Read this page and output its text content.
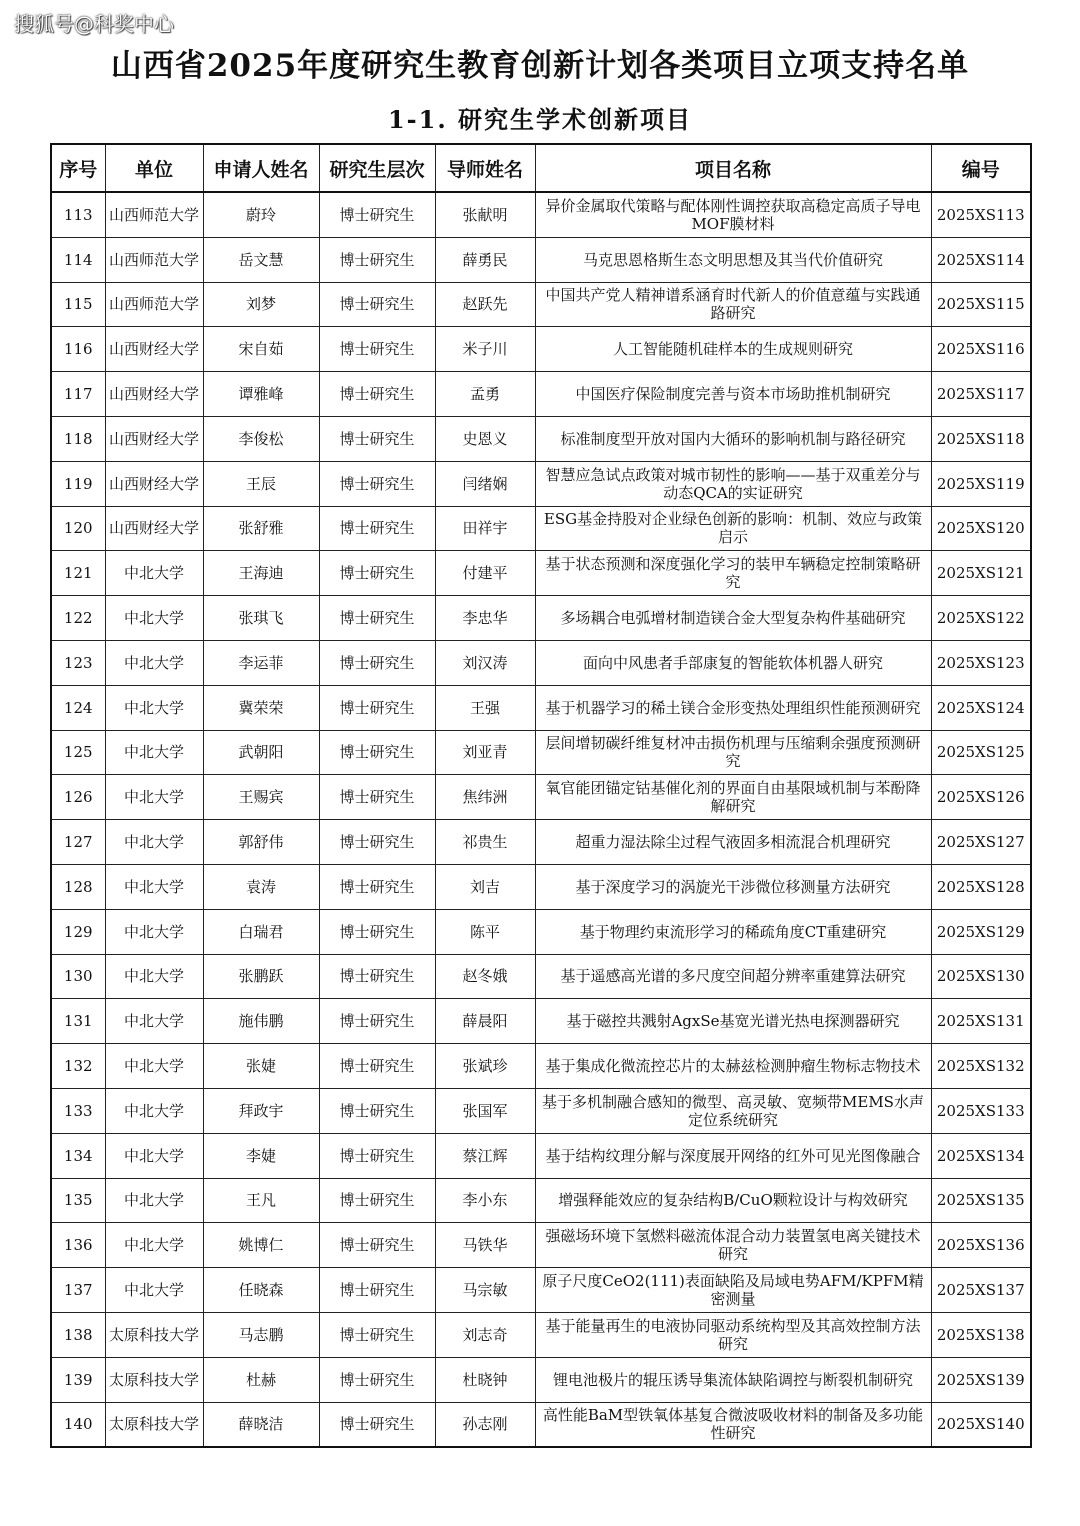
搜狐号@科奖中心
山西省2025年度研究生教育创新计划各类项目立项支持名单
1-1. 研究生学术创新项目
序号	单位	申请人姓名	研究生层次	导师姓名	项目名称	编号
113	山西师范大学	蔚玲	博士研究生	张献明	异价金属取代策略与配体刚性调控获取高稳定高质子导电MOF膜材料	2025XS113
114	山西师范大学	岳文慧	博士研究生	薛勇民	马克思恩格斯生态文明思想及其当代价值研究	2025XS114
115	山西师范大学	刘梦	博士研究生	赵跃先	中国共产党人精神谱系涵育时代新人的价值意蕴与实践通路研究	2025XS115
116	山西财经大学	宋自茹	博士研究生	米子川	人工智能随机硅样本的生成规则研究	2025XS116
117	山西财经大学	谭雅峰	博士研究生	孟勇	中国医疗保险制度完善与资本市场助推机制研究	2025XS117
118	山西财经大学	李俊松	博士研究生	史恩义	标准制度型开放对国内大循环的影响机制与路径研究	2025XS118
119	山西财经大学	王辰	博士研究生	闫绪娴	智慧应急试点政策对城市韧性的影响——基于双重差分与动态QCA的实证研究	2025XS119
120	山西财经大学	张舒雅	博士研究生	田祥宇	ESG基金持股对企业绿色创新的影响：机制、效应与政策启示	2025XS120
121	中北大学	王海迪	博士研究生	付建平	基于状态预测和深度强化学习的装甲车辆稳定控制策略研究	2025XS121
122	中北大学	张琪飞	博士研究生	李忠华	多场耦合电弧增材制造镁合金大型复杂构件基础研究	2025XS122
123	中北大学	李运菲	博士研究生	刘汉涛	面向中风患者手部康复的智能软体机器人研究	2025XS123
124	中北大学	冀荣荣	博士研究生	王强	基于机器学习的稀土镁合金形变热处理组织性能预测研究	2025XS124
125	中北大学	武朝阳	博士研究生	刘亚青	层间增韧碳纤维复材冲击损伤机理与压缩剩余强度预测研究	2025XS125
126	中北大学	王赐宾	博士研究生	焦纬洲	氧官能团锚定钴基催化剂的界面自由基限域机制与苯酚降解研究	2025XS126
127	中北大学	郭舒伟	博士研究生	祁贵生	超重力湿法除尘过程气液固多相流混合机理研究	2025XS127
128	中北大学	袁涛	博士研究生	刘吉	基于深度学习的涡旋光干涉微位移测量方法研究	2025XS128
129	中北大学	白瑞君	博士研究生	陈平	基于物理约束流形学习的稀疏角度CT重建研究	2025XS129
130	中北大学	张鹏跃	博士研究生	赵冬娥	基于遥感高光谱的多尺度空间超分辨率重建算法研究	2025XS130
131	中北大学	施伟鹏	博士研究生	薛晨阳	基于磁控共溅射AgxSe基宽光谱光热电探测器研究	2025XS131
132	中北大学	张婕	博士研究生	张斌珍	基于集成化微流控芯片的太赫兹检测肿瘤生物标志物技术	2025XS132
133	中北大学	拜政宇	博士研究生	张国军	基于多机制融合感知的微型、高灵敏、宽频带MEMS水声定位系统研究	2025XS133
134	中北大学	李婕	博士研究生	蔡江辉	基于结构纹理分解与深度展开网络的红外可见光图像融合	2025XS134
135	中北大学	王凡	博士研究生	李小东	增强释能效应的复杂结构B/CuO颗粒设计与构效研究	2025XS135
136	中北大学	姚博仁	博士研究生	马铁华	强磁场环境下氢燃料磁流体混合动力装置氢电离关键技术研究	2025XS136
137	中北大学	任晓森	博士研究生	马宗敏	原子尺度CeO2(111)表面缺陷及局域电势AFM/KPFM精密测量	2025XS137
138	太原科技大学	马志鹏	博士研究生	刘志奇	基于能量再生的电液协同驱动系统构型及其高效控制方法研究	2025XS138
139	太原科技大学	杜赫	博士研究生	杜晓钟	锂电池极片的辊压诱导集流体缺陷调控与断裂机制研究	2025XS139
140	太原科技大学	薛晓洁	博士研究生	孙志刚	高性能BaM型铁氧体基复合微波吸收材料的制备及多功能性研究	2025XS140
